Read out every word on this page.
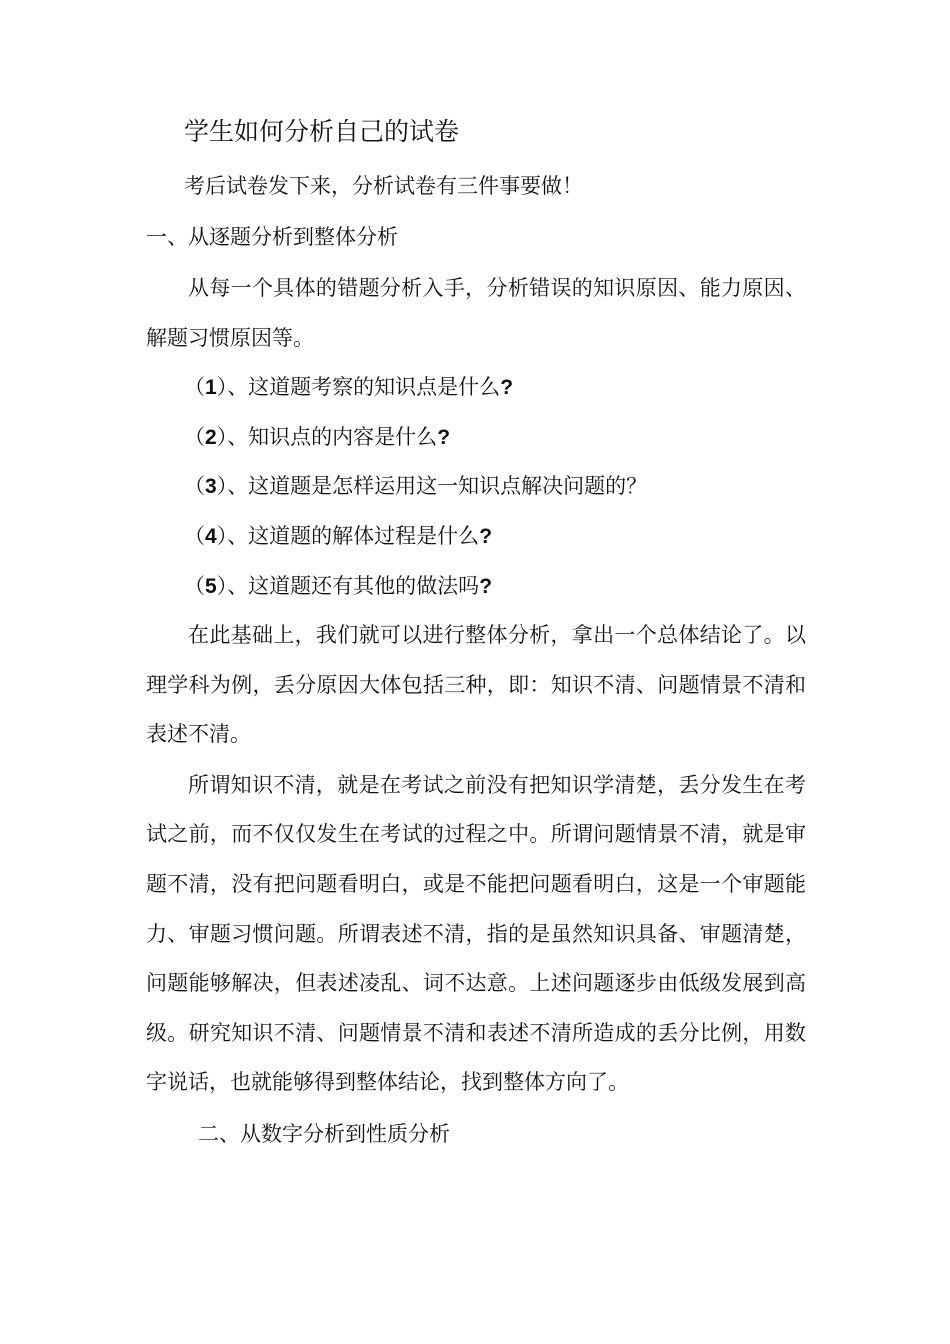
学生如何分析自己的试卷
考后试卷发下来，分析试卷有三件事要做！
一、从逐题分析到整体分析
从每一个具体的错题分析入手，分析错误的知识原因、能力原因、
解题习惯原因等。
（1）、这道题考察的知识点是什么?
（2）、知识点的内容是什么?
（3）、这道题是怎样运用这一知识点解决问题的？
（4）、这道题的解体过程是什么?
（5）、这道题还有其他的做法吗?
在此基础上，我们就可以进行整体分析，拿出一个总体结论了。以
理学科为例，丢分原因大体包括三种，即：知识不清、问题情景不清和
表述不清。
所谓知识不清，就是在考试之前没有把知识学清楚，丢分发生在考
试之前，而不仅仅发生在考试的过程之中。所谓问题情景不清，就是审
题不清，没有把问题看明白，或是不能把问题看明白，这是一个审题能
力、审题习惯问题。所谓表述不清，指的是虽然知识具备、审题清楚，
问题能够解决，但表述凌乱、词不达意。上述问题逐步由低级发展到高
级。研究知识不清、问题情景不清和表述不清所造成的丢分比例，用数
字说话，也就能够得到整体结论，找到整体方向了。
二、从数字分析到性质分析
